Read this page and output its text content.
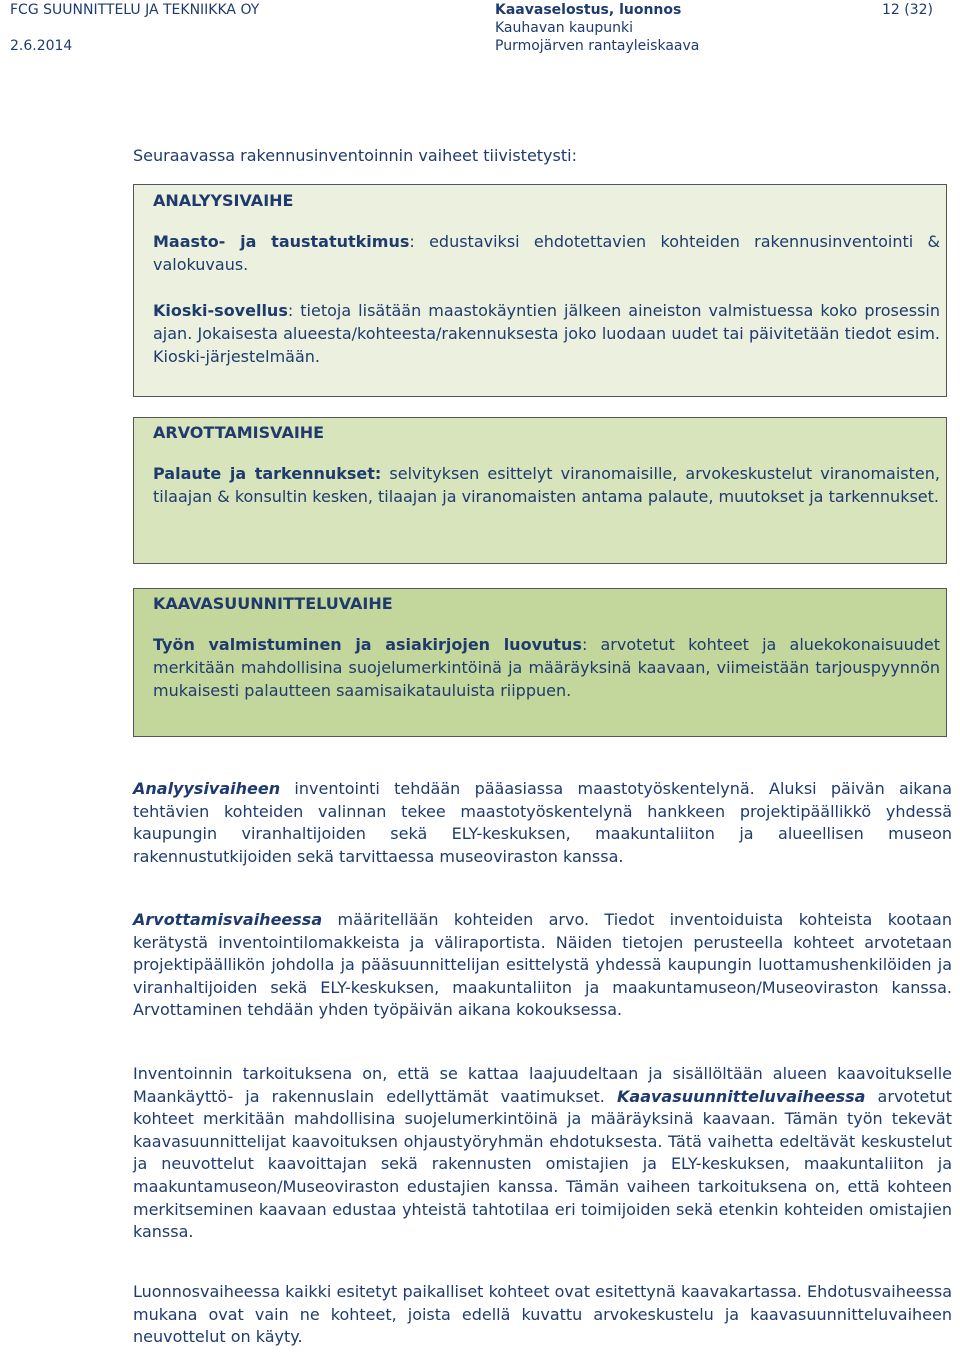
FCG SUUNNITTELU JA TEKNIIKKA OY
2.6.2014
Kaavaselostus, luonnos
Kauhavan kaupunki
Purmojärven rantayleiskaava
12 (32)
Seuraavassa rakennusinventoinnin vaiheet tiivistetysti:
ANALYYSIVAIHE

Maasto- ja taustatutkimus: edustaviksi ehdotettavien kohteiden rakennusinventointi & valokuvaus.

Kioski-sovellus: tietoja lisätään maastokäyntien jälkeen aineiston valmistuessa koko prosessin ajan. Jokaisesta alueesta/kohteesta/rakennuksesta joko luodaan uudet tai päivitetään tiedot esim. Kioski-järjestelmään.

ARVOTTAMISVAIHE

Palaute ja tarkennukset: selvityksen esittelyt viranomaisille, arvokeskustelut viranomaisten, tilaajan & konsultin kesken, tilaajan ja viranomaisten antama palaute, muutokset ja tarkennukset.

KAAVASUUNNITTELUVAIHE

Työn valmistuminen ja asiakirjojen luovutus: arvotetut kohteet ja aluekokonaisuudet merkitään mahdollisina suojelumerkintöinä ja määräyksinä kaavaan, viimeistään tarjouspyynnön mukaisesti palautteen saamisaikatauluista riippuen.

Analyysivaiheen inventointi tehdään pääasiassa maastotyöskentelynä. Aluksi päivän aikana tehtävien kohteiden valinnan tekee maastotyöskentelynä hankkeen projektipäällikkö yhdessä kaupungin viranhaltijoiden sekä ELY-keskuksen, maakuntaliiton ja alueellisen museon rakennustutkijoiden sekä tarvittaessa museoviraston kanssa.

Arvottamisvaiheessa määritellään kohteiden arvo. Tiedot inventoiduista kohteista kootaan kerätystä inventointilomakkeista ja väliraportista. Näiden tietojen perusteella kohteet arvotetaan projektipäällikön johdolla ja pääsuunnittelijan esittelystä yhdessä kaupungin luottamushenkilöiden ja viranhaltijoiden sekä ELY-keskuksen, maakuntaliiton ja maakuntamuseon/Museoviraston kanssa. Arvottaminen tehdään yhden työpäivän aikana kokouksessa.

Inventoinnin tarkoituksena on, että se kattaa laajuudeltaan ja sisällöltään alueen kaavoitukselle Maankäyttö- ja rakennuslain edellyttämät vaatimukset. Kaavasuunnitteluvaiheessa arvotetut kohteet merkitään mahdollisina suojelumerkintöinä ja määräyksinä kaavaan. Tämän työn tekevät kaavasuunnittelijat kaavoituksen ohjaustyöryhmän ehdotuksesta. Tätä vaihetta edeltävät keskustelut ja neuvottelut kaavoittajan sekä rakennusten omistajien ja ELY-keskuksen, maakuntaliiton ja maakuntamuseon/Museoviraston edustajien kanssa. Tämän vaiheen tarkoituksena on, että kohteen merkitseminen kaavaan edustaa yhteistä tahtotilaa eri toimijoiden sekä etenkin kohteiden omistajien kanssa.

Luonnosvaiheessa kaikki esitetyt paikalliset kohteet ovat esitettynä kaavakartassa. Ehdotusvaiheessa mukana ovat vain ne kohteet, joista edellä kuvattu arvokeskustelu ja kaavasuunnitteluvaiheen neuvottelut on käyty.
